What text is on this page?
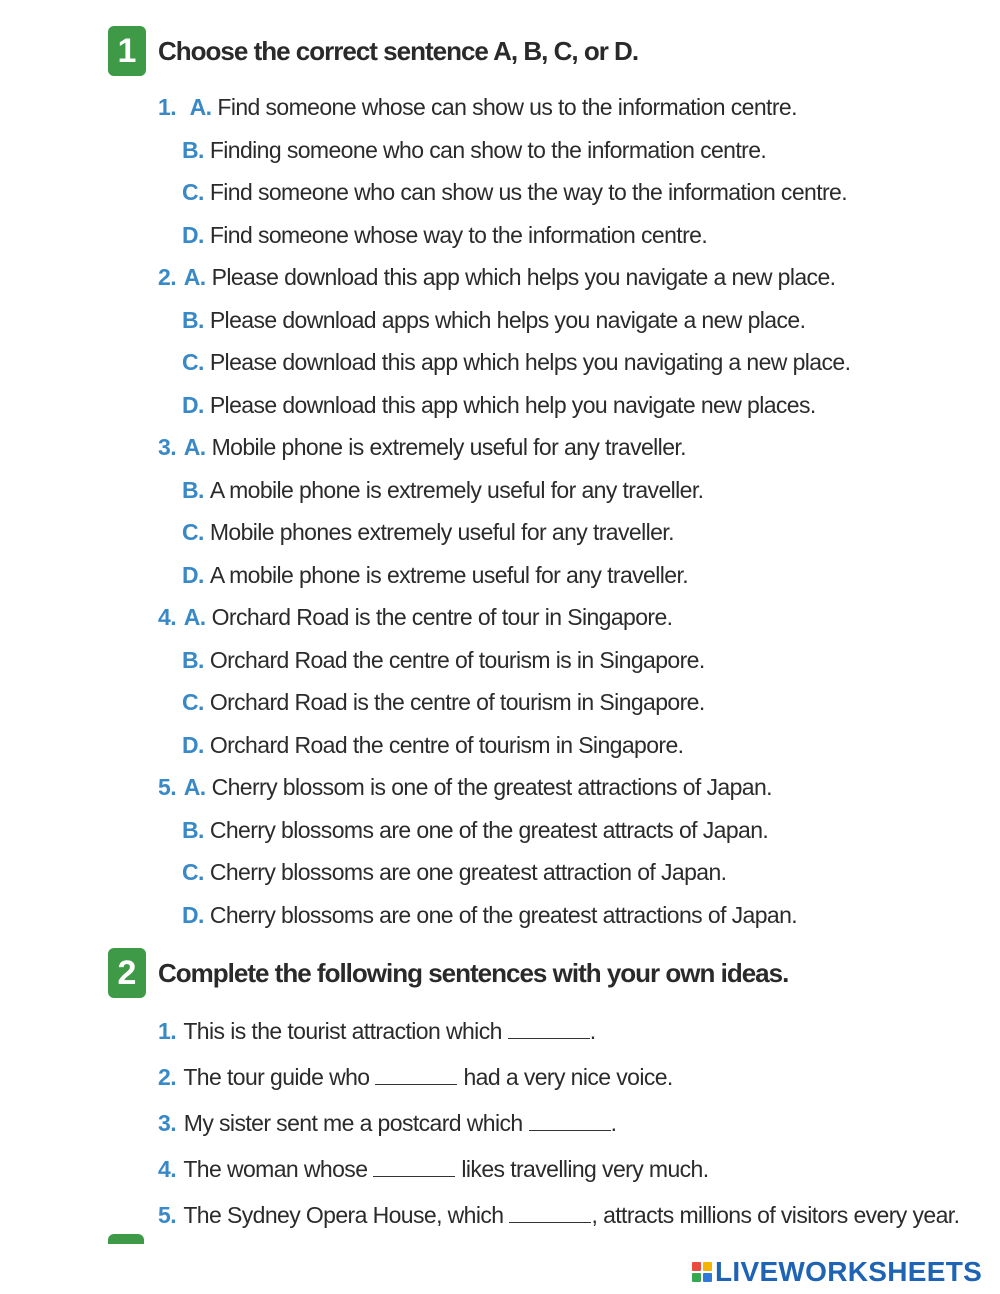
1 Choose the correct sentence A, B, C, or D.
1. A. Find someone whose can show us to the information centre.
B. Finding someone who can show to the information centre.
C. Find someone who can show us the way to the information centre.
D. Find someone whose way to the information centre.
2. A. Please download this app which helps you navigate a new place.
B. Please download apps which helps you navigate a new place.
C. Please download this app which helps you navigating a new place.
D. Please download this app which help you navigate new places.
3. A. Mobile phone is extremely useful for any traveller.
B. A mobile phone is extremely useful for any traveller.
C. Mobile phones extremely useful for any traveller.
D. A mobile phone is extreme useful for any traveller.
4. A. Orchard Road is the centre of tour in Singapore.
B. Orchard Road the centre of tourism is in Singapore.
C. Orchard Road is the centre of tourism in Singapore.
D. Orchard Road the centre of tourism in Singapore.
5. A. Cherry blossom is one of the greatest attractions of Japan.
B. Cherry blossoms are one of the greatest attracts of Japan.
C. Cherry blossoms are one greatest attraction of Japan.
D. Cherry blossoms are one of the greatest attractions of Japan.
2 Complete the following sentences with your own ideas.
1. This is the tourist attraction which	.
2. The tour guide who	had a very nice voice.
3. My sister sent me a postcard which	.
4. The woman whose	likes travelling very much.
5. The Sydney Opera House, which	, attracts millions of visitors every year.
LIVEWORKSHEETS
